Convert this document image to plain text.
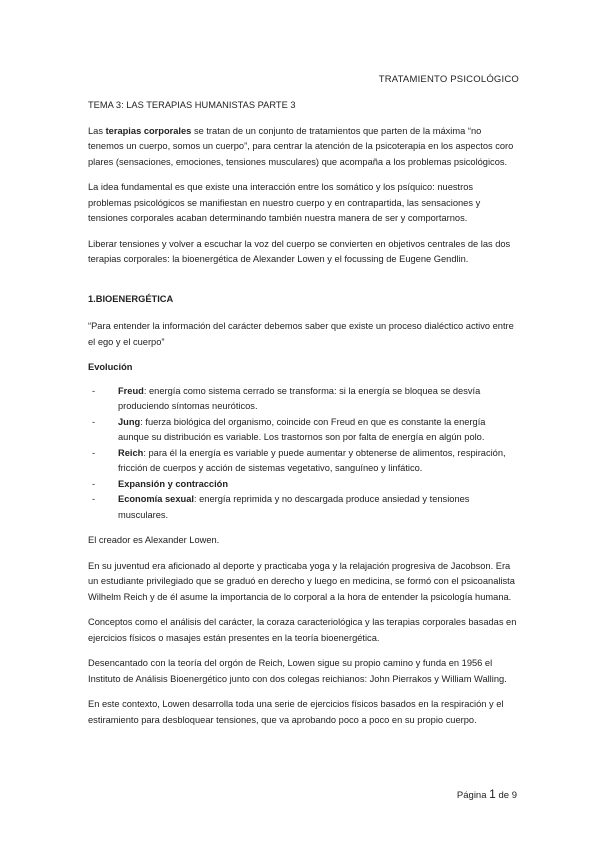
TRATAMIENTO PSICOLÓGICO
TEMA 3: LAS TERAPIAS HUMANISTAS PARTE 3

Las terapias corporales se tratan de un conjunto de tratamientos que parten de la máxima “no tenemos un cuerpo, somos un cuerpo”, para centrar la atención de la psicoterapia en los aspectos coro plares (sensaciones, emociones, tensiones musculares) que acompaña a los problemas psicológicos.

La idea fundamental es que existe una interacción entre los somático y los psíquico: nuestros problemas psicológicos se manifiestan en nuestro cuerpo y en contrapartida, las sensaciones y tensiones corporales acaban determinando también nuestra manera de ser y comportarnos.

Liberar tensiones y volver a escuchar la voz del cuerpo se convierten en objetivos centrales de las dos terapias corporales: la bioenergética de Alexander Lowen y el focussing de Eugene Gendlin.

1.BIOENERGÉTICA

“Para entender la información del carácter debemos saber que existe un proceso dialéctico activo entre el ego y el cuerpo”

Evolución
- Freud: energía como sistema cerrado se transforma: si la energía se bloquea se desvía produciendo síntomas neuróticos.
- Jung: fuerza biológica del organismo, coincide con Freud en que es constante la energía aunque su distribución es variable. Los trastornos son por falta de energía en algún polo.
- Reich: para él la energía es variable y puede aumentar y obtenerse de alimentos, respiración, fricción de cuerpos y acción de sistemas vegetativo, sanguíneo y linfático.
- Expansión y contracción
- Economía sexual: energía reprimida y no descargada produce ansiedad y tensiones musculares.

El creador es Alexander Lowen.

En su juventud era aficionado al deporte y practicaba yoga y la relajación progresiva de Jacobson. Era un estudiante privilegiado que se graduó en derecho y luego en medicina, se formó con el psicoanalista Wilhelm Reich y de él asume la importancia de lo corporal a la hora de entender la psicología humana.

Conceptos como el análisis del carácter, la coraza caracteriológica y las terapias corporales basadas en ejercicios físicos o masajes están presentes en la teoría bioenergética.

Desencantado con la teoría del orgón de Reich, Lowen sigue su propio camino y funda en 1956 el Instituto de Análisis Bioenergético junto con dos colegas reichianos: John Pierrakos y William Walling.

En este contexto, Lowen desarrolla toda una serie de ejercicios físicos basados en la respiración y el estiramiento para desbloquear tensiones, que va aprobando poco a poco en su propio cuerpo.

Página 1 de 9
